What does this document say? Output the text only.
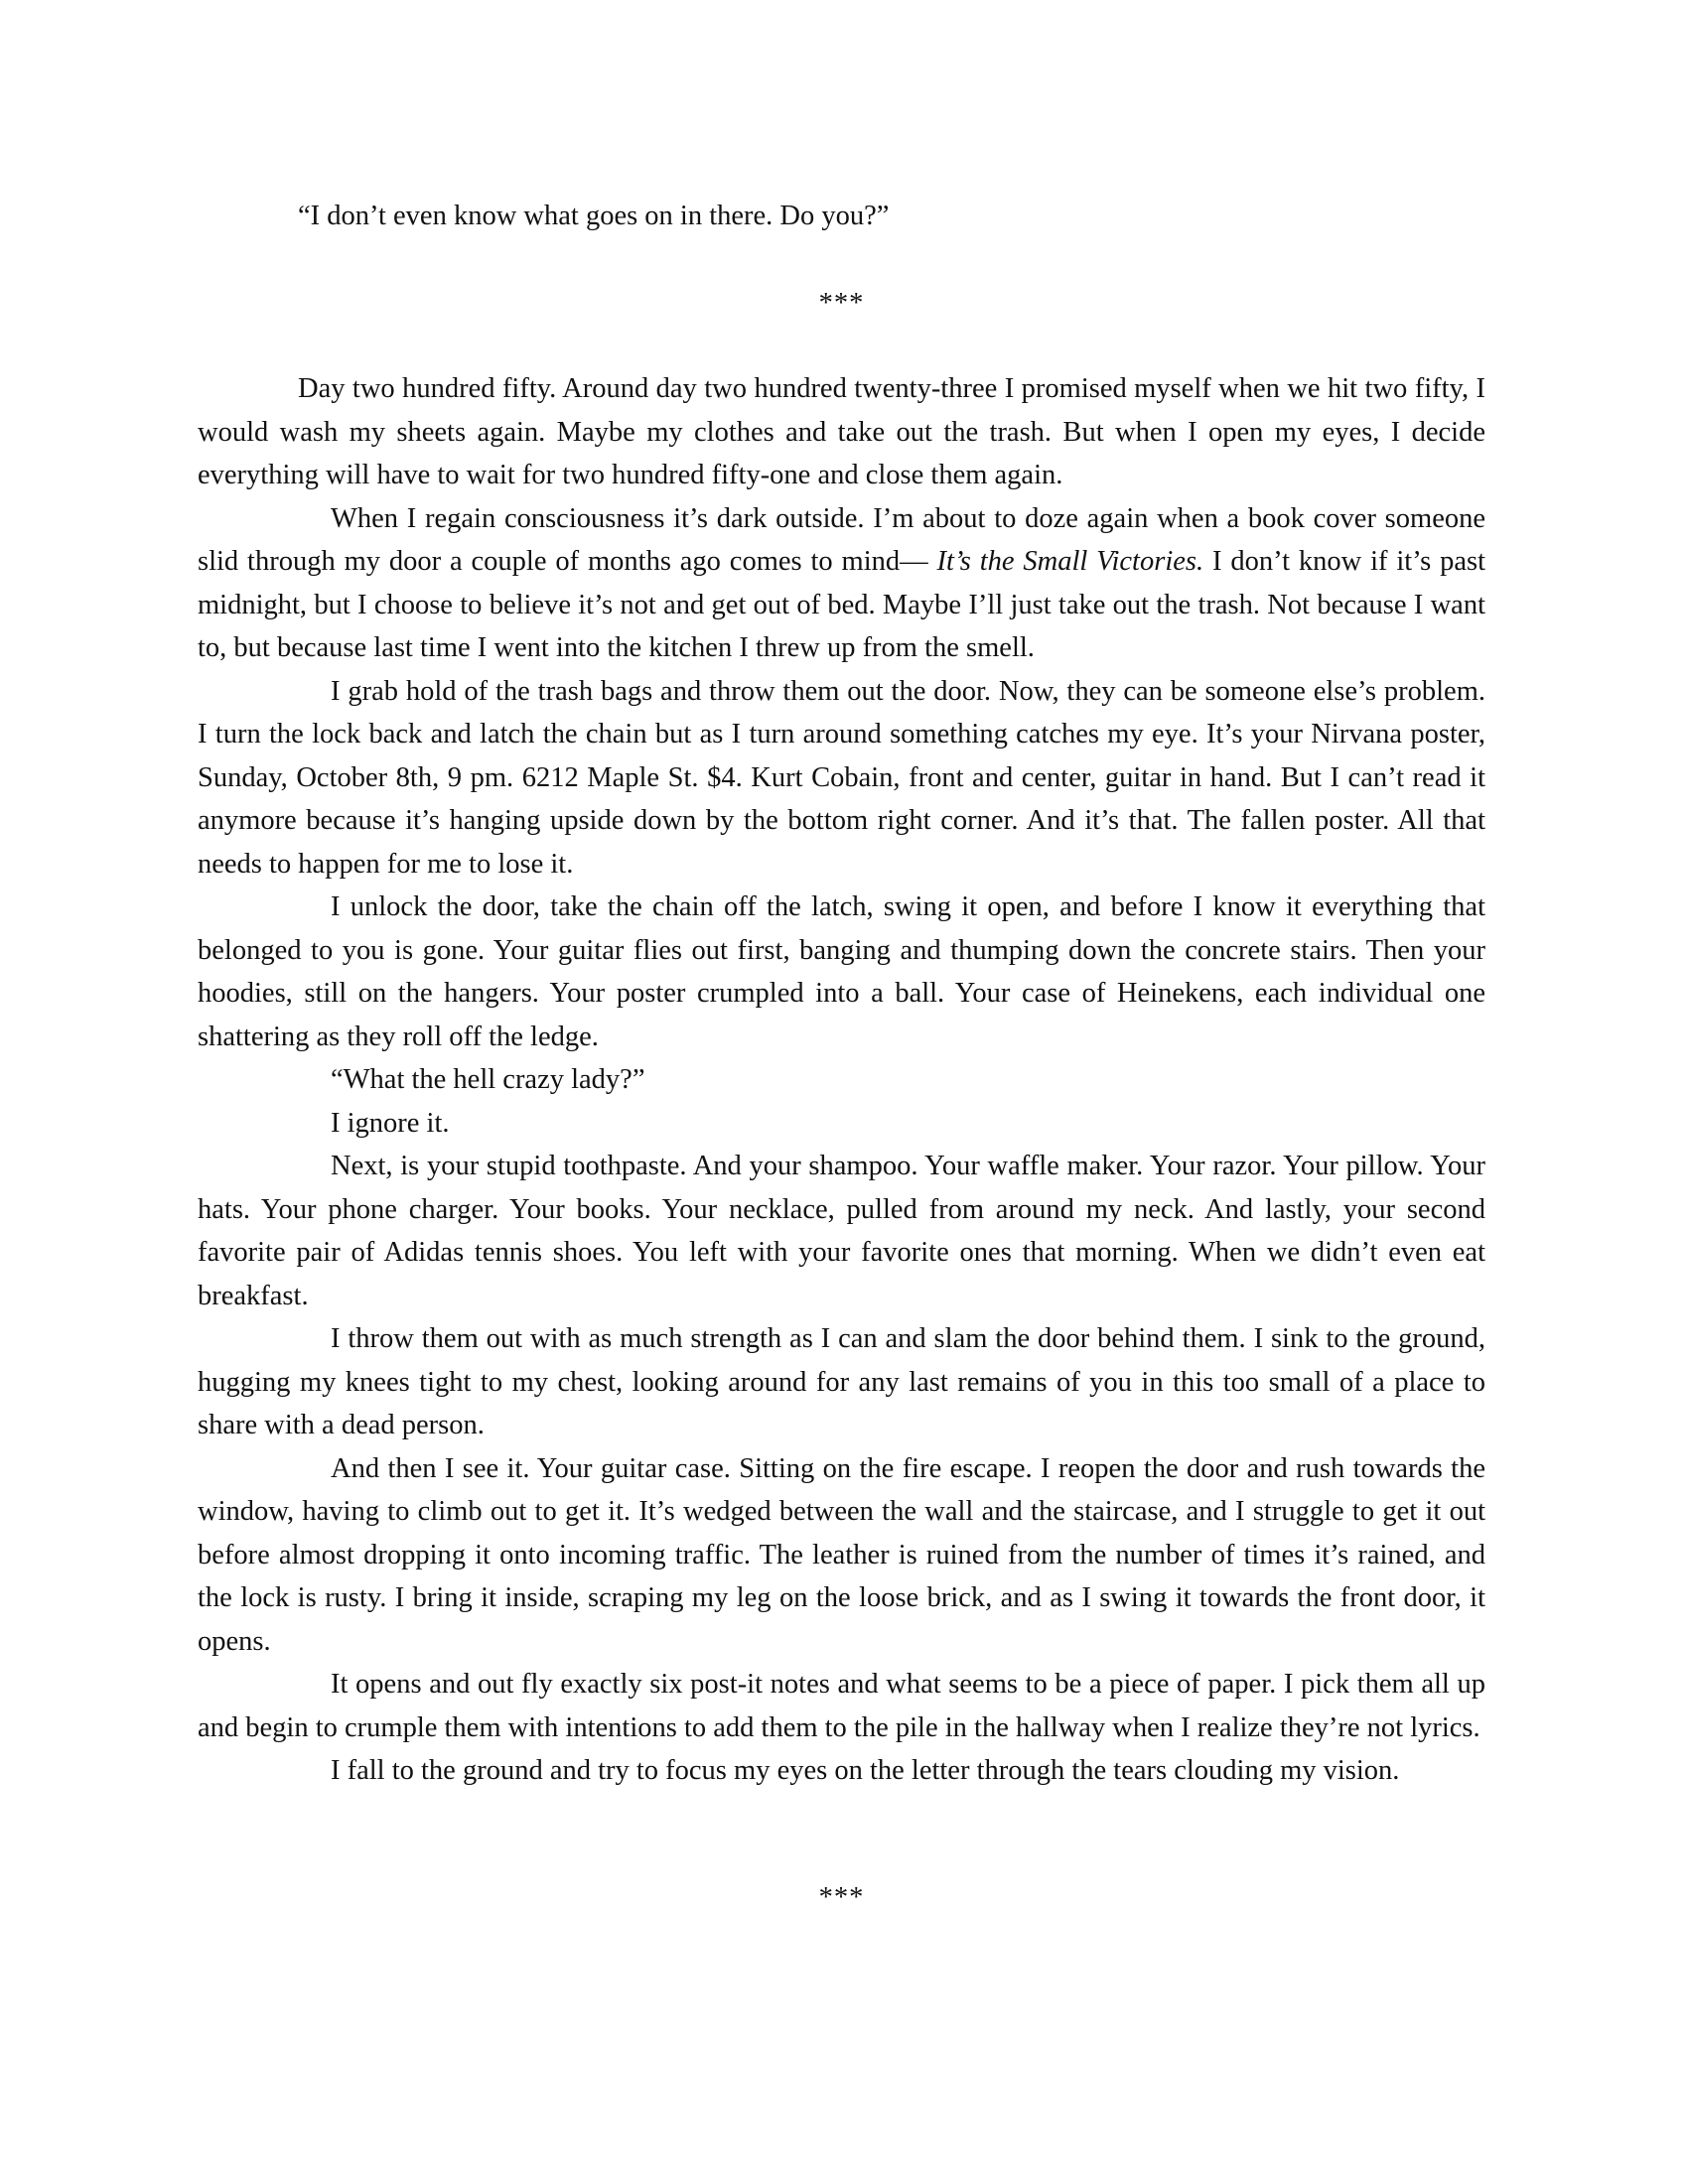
“I don’t even know what goes on in there. Do you?”
***

Day two hundred fifty. Around day two hundred twenty-three I promised myself when we hit two fifty, I would wash my sheets again. Maybe my clothes and take out the trash. But when I open my eyes, I decide everything will have to wait for two hundred fifty-one and close them again.

When I regain consciousness it’s dark outside. I’m about to doze again when a book cover someone slid through my door a couple of months ago comes to mind— It’s the Small Victories. I don’t know if it’s past midnight, but I choose to believe it’s not and get out of bed. Maybe I’ll just take out the trash. Not because I want to, but because last time I went into the kitchen I threw up from the smell.

I grab hold of the trash bags and throw them out the door. Now, they can be someone else’s problem. I turn the lock back and latch the chain but as I turn around something catches my eye. It’s your Nirvana poster, Sunday, October 8th, 9 pm. 6212 Maple St. $4. Kurt Cobain, front and center, guitar in hand. But I can’t read it anymore because it’s hanging upside down by the bottom right corner. And it’s that. The fallen poster. All that needs to happen for me to lose it.

I unlock the door, take the chain off the latch, swing it open, and before I know it everything that belonged to you is gone. Your guitar flies out first, banging and thumping down the concrete stairs. Then your hoodies, still on the hangers. Your poster crumpled into a ball. Your case of Heinekens, each individual one shattering as they roll off the ledge.

“What the hell crazy lady?”

I ignore it.

Next, is your stupid toothpaste. And your shampoo. Your waffle maker. Your razor. Your pillow. Your hats. Your phone charger. Your books. Your necklace, pulled from around my neck. And lastly, your second favorite pair of Adidas tennis shoes. You left with your favorite ones that morning. When we didn’t even eat breakfast.

I throw them out with as much strength as I can and slam the door behind them. I sink to the ground, hugging my knees tight to my chest, looking around for any last remains of you in this too small of a place to share with a dead person.

And then I see it. Your guitar case. Sitting on the fire escape. I reopen the door and rush towards the window, having to climb out to get it. It’s wedged between the wall and the staircase, and I struggle to get it out before almost dropping it onto incoming traffic. The leather is ruined from the number of times it’s rained, and the lock is rusty. I bring it inside, scraping my leg on the loose brick, and as I swing it towards the front door, it opens.

It opens and out fly exactly six post-it notes and what seems to be a piece of paper. I pick them all up and begin to crumple them with intentions to add them to the pile in the hallway when I realize they’re not lyrics.

I fall to the ground and try to focus my eyes on the letter through the tears clouding my vision.

***
